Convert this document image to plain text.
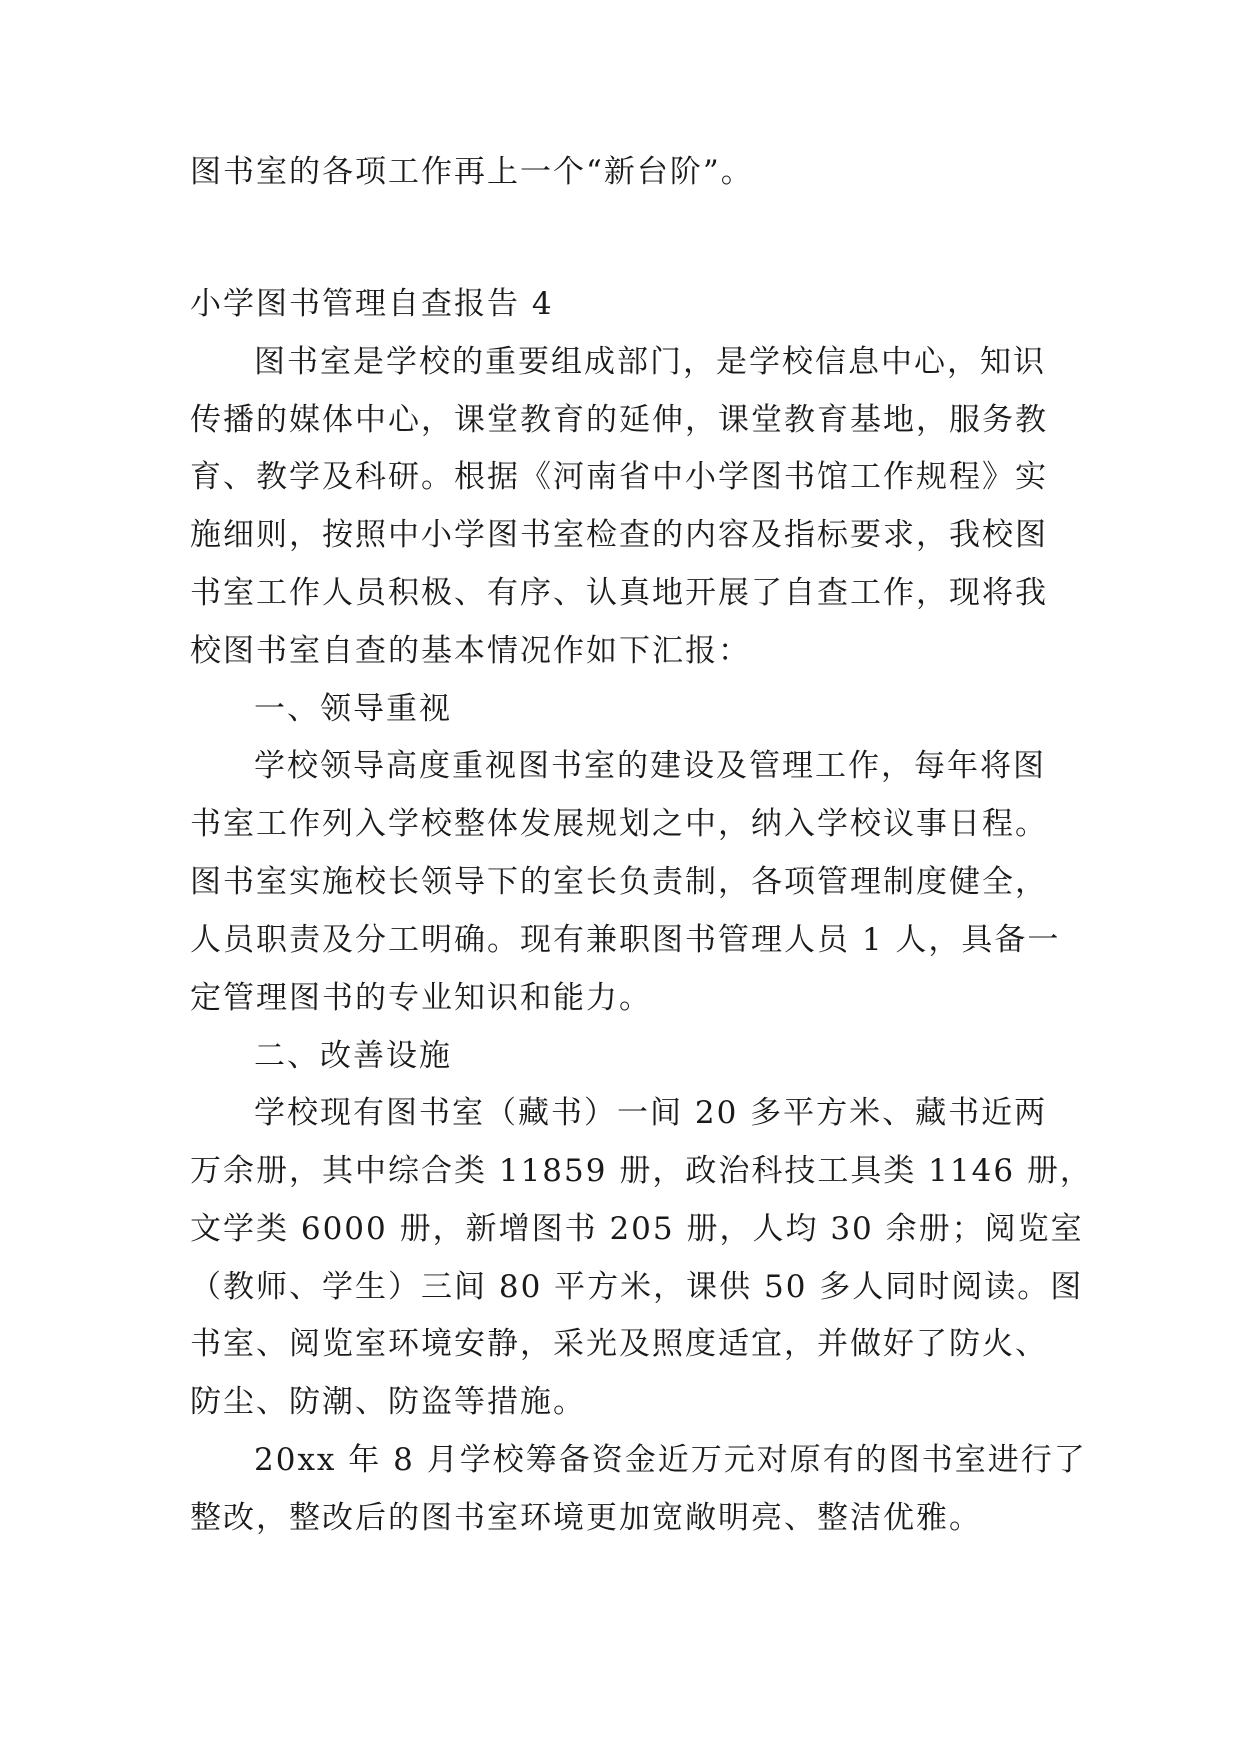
图书室的各项工作再上一个“新台阶”。
小学图书管理自查报告 4
图书室是学校的重要组成部门，是学校信息中心，知识
传播的媒体中心，课堂教育的延伸，课堂教育基地，服务教
育、教学及科研。根据《河南省中小学图书馆工作规程》实
施细则，按照中小学图书室检查的内容及指标要求，我校图
书室工作人员积极、有序、认真地开展了自查工作，现将我
校图书室自查的基本情况作如下汇报：
一、领导重视
学校领导高度重视图书室的建设及管理工作，每年将图
书室工作列入学校整体发展规划之中，纳入学校议事日程。
图书室实施校长领导下的室长负责制，各项管理制度健全，
人员职责及分工明确。现有兼职图书管理人员 1 人，具备一
定管理图书的专业知识和能力。
二、改善设施
学校现有图书室（藏书）一间 20 多平方米、藏书近两
万余册，其中综合类 11859 册，政治科技工具类 1146 册，
文学类 6000 册，新增图书 205 册，人均 30 余册；阅览室
（教师、学生）三间 80 平方米，课供 50 多人同时阅读。图
书室、阅览室环境安静，采光及照度适宜，并做好了防火、
防尘、防潮、防盗等措施。
20xx 年 8 月学校筹备资金近万元对原有的图书室进行了
整改，整改后的图书室环境更加宽敞明亮、整洁优雅。
